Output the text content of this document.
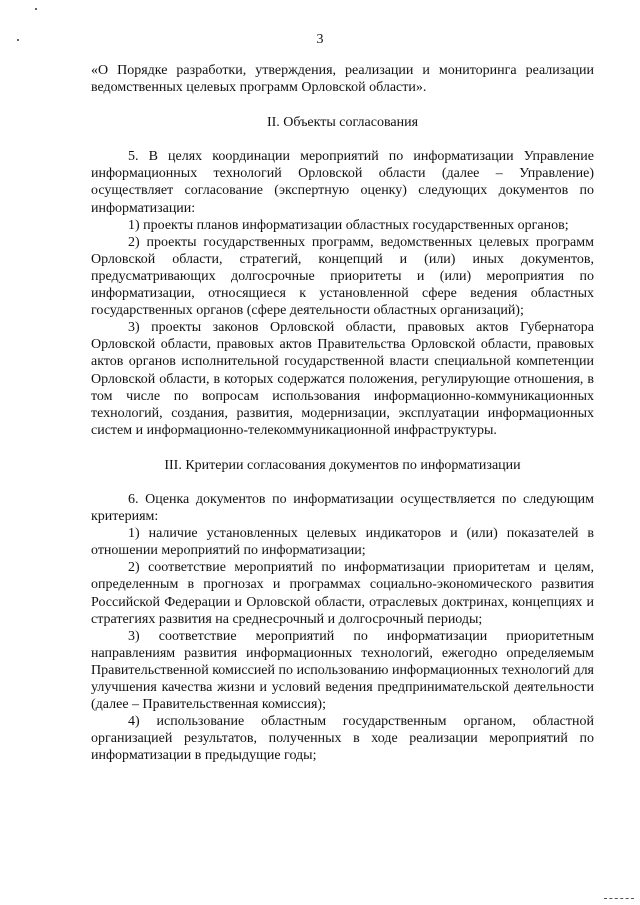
3

«О Порядке разработки, утверждения, реализации и мониторинга реализации ведомственных целевых программ Орловской области».

II. Объекты согласования

5. В целях координации мероприятий по информатизации Управление информационных технологий Орловской области (далее – Управление) осуществляет согласование (экспертную оценку) следующих документов по информатизации:

1) проекты планов информатизации областных государственных органов;

2) проекты государственных программ, ведомственных целевых программ Орловской области, стратегий, концепций и (или) иных документов, предусматривающих долгосрочные приоритеты и (или) мероприятия по информатизации, относящиеся к установленной сфере ведения областных государственных органов (сфере деятельности областных организаций);

3) проекты законов Орловской области, правовых актов Губернатора Орловской области, правовых актов Правительства Орловской области, правовых актов органов исполнительной государственной власти специальной компетенции Орловской области, в которых содержатся положения, регулирующие отношения, в том числе по вопросам использования информационно-коммуникационных технологий, создания, развития, модернизации, эксплуатации информационных систем и информационно-телекоммуникационной инфраструктуры.

III. Критерии согласования документов по информатизации

6. Оценка документов по информатизации осуществляется по следующим критериям:

1) наличие установленных целевых индикаторов и (или) показателей в отношении мероприятий по информатизации;

2) соответствие мероприятий по информатизации приоритетам и целям, определенным в прогнозах и программах социально-экономического развития Российской Федерации и Орловской области, отраслевых доктринах, концепциях и стратегиях развития на среднесрочный и долгосрочный периоды;

3) соответствие мероприятий по информатизации приоритетным направлениям развития информационных технологий, ежегодно определяемым Правительственной комиссией по использованию информационных технологий для улучшения качества жизни и условий ведения предпринимательской деятельности (далее – Правительственная комиссия);

4) использование областным государственным органом, областной организацией результатов, полученных в ходе реализации мероприятий по информатизации в предыдущие годы;
